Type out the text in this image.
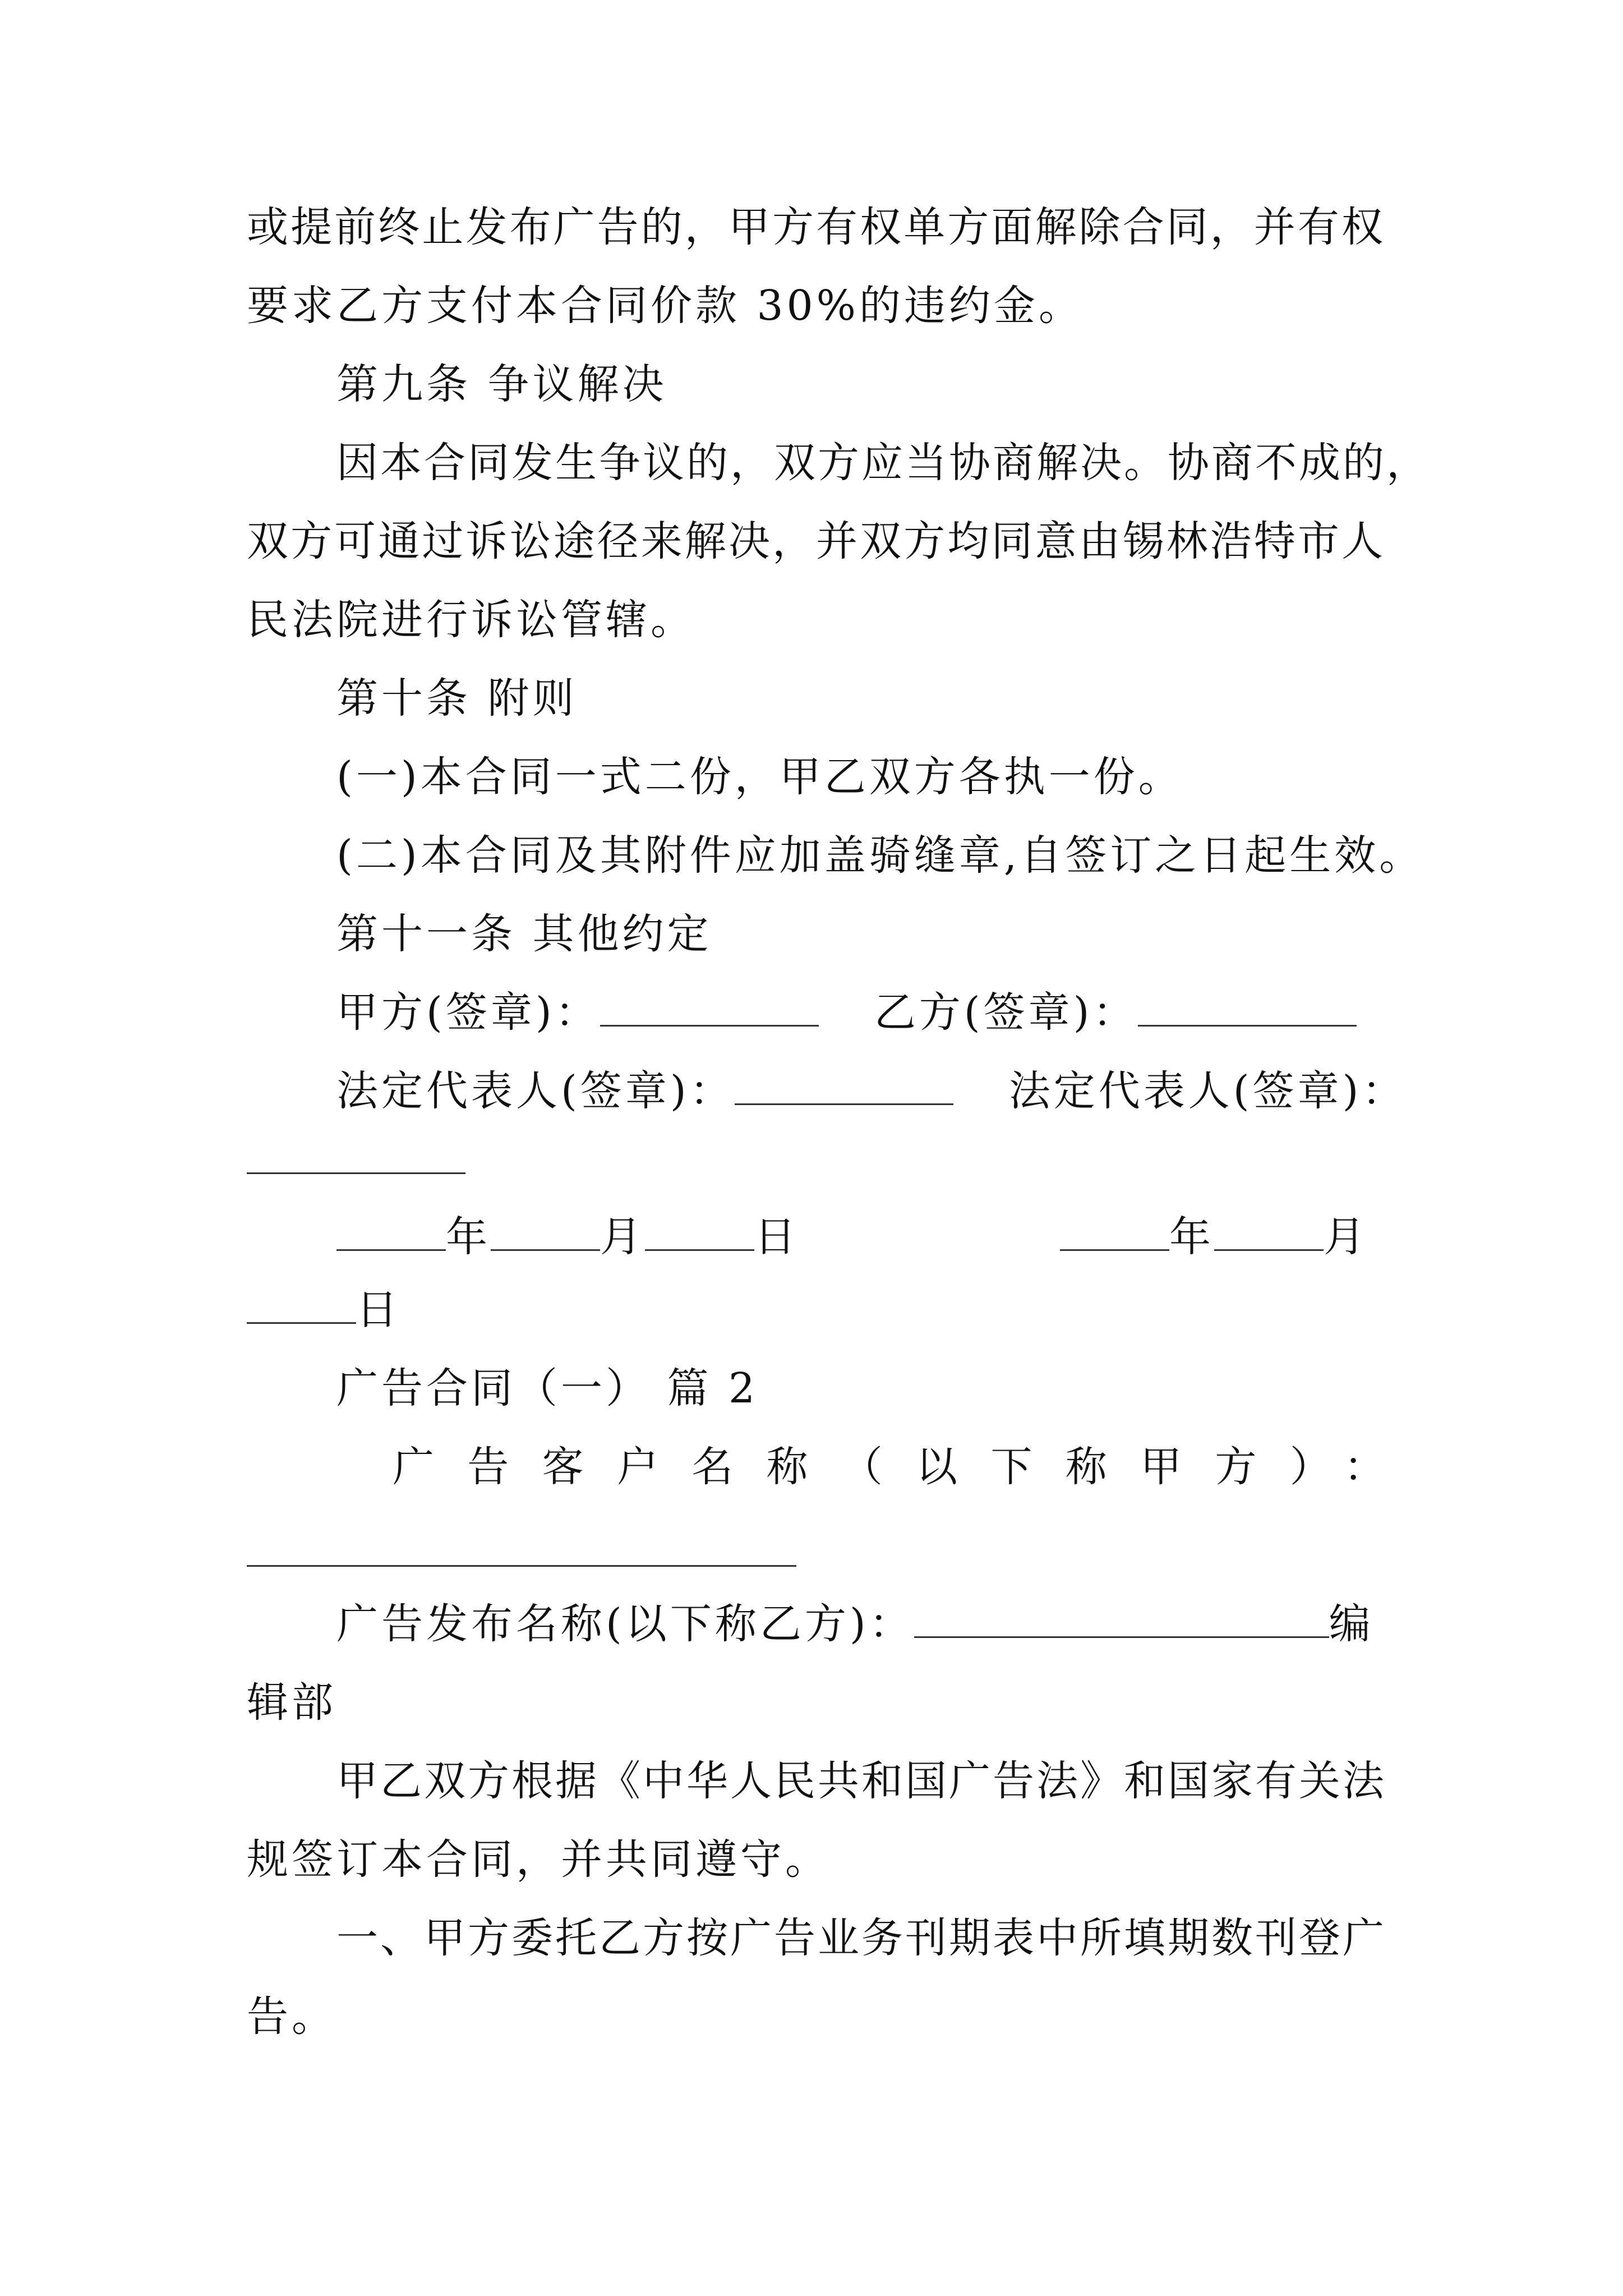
或提前终止发布广告的，甲方有权单方面解除合同，并有权
要求乙方支付本合同价款 30%的违约金。
第九条 争议解决
因本合同发生争议的，双方应当协商解决。协商不成的，
双方可通过诉讼途径来解决，并双方均同意由锡林浩特市人
民法院进行诉讼管辖。
第十条 附则
(一)本合同一式二份，甲乙双方各执一份。
(二)本合同及其附件应加盖骑缝章,自签订之日起生效。
第十一条 其他约定
甲方(签章)：	乙方(签章)：
法定代表人(签章)：	法定代表人(签章)：
年	月	日	年	月
日
广告合同（一） 篇 2
广告客户名称（以下称甲方）：
广告发布名称(以下称乙方)：	编
辑部
甲乙双方根据《中华人民共和国广告法》和国家有关法
规签订本合同，并共同遵守。
一、甲方委托乙方按广告业务刊期表中所填期数刊登广
告。
